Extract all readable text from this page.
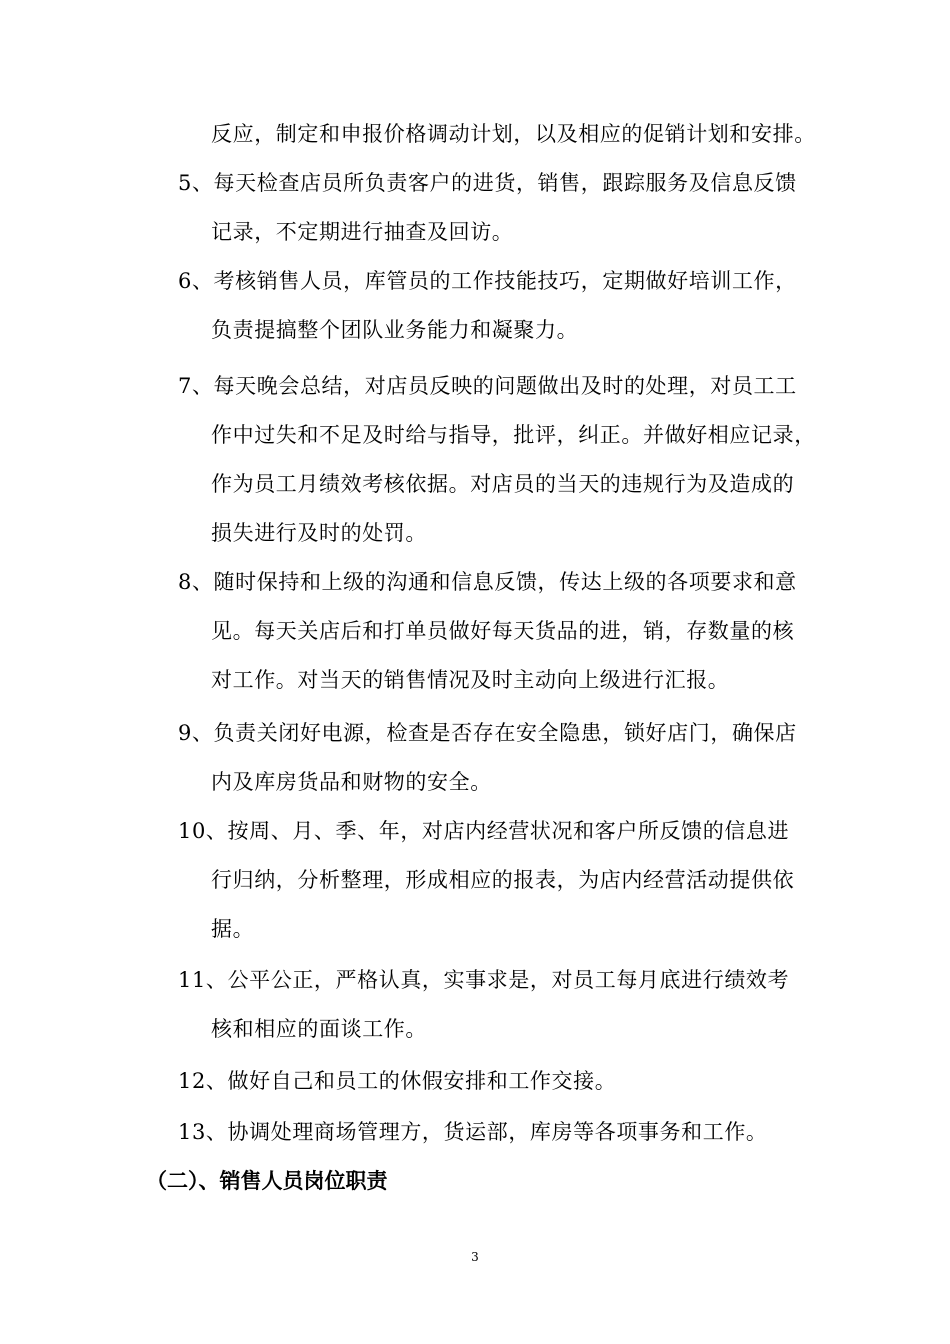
反应，制定和申报价格调动计划，以及相应的促销计划和安排。
5、每天检查店员所负责客户的进货，销售，跟踪服务及信息反馈
记录，不定期进行抽查及回访。
6、考核销售人员，库管员的工作技能技巧，定期做好培训工作，
负责提搞整个团队业务能力和凝聚力。
7、每天晚会总结，对店员反映的问题做出及时的处理，对员工工
作中过失和不足及时给与指导，批评，纠正。并做好相应记录，
作为员工月绩效考核依据。对店员的当天的违规行为及造成的
损失进行及时的处罚。
8、随时保持和上级的沟通和信息反馈，传达上级的各项要求和意
见。每天关店后和打单员做好每天货品的进，销，存数量的核
对工作。对当天的销售情况及时主动向上级进行汇报。
9、负责关闭好电源，检查是否存在安全隐患，锁好店门，确保店
内及库房货品和财物的安全。
10、按周、月、季、年，对店内经营状况和客户所反馈的信息进
行归纳，分析整理，形成相应的报表，为店内经营活动提供依
据。
11、公平公正，严格认真，实事求是，对员工每月底进行绩效考
核和相应的面谈工作。
12、做好自己和员工的休假安排和工作交接。
13、协调处理商场管理方，货运部，库房等各项事务和工作。
（二）、销售人员岗位职责
3
